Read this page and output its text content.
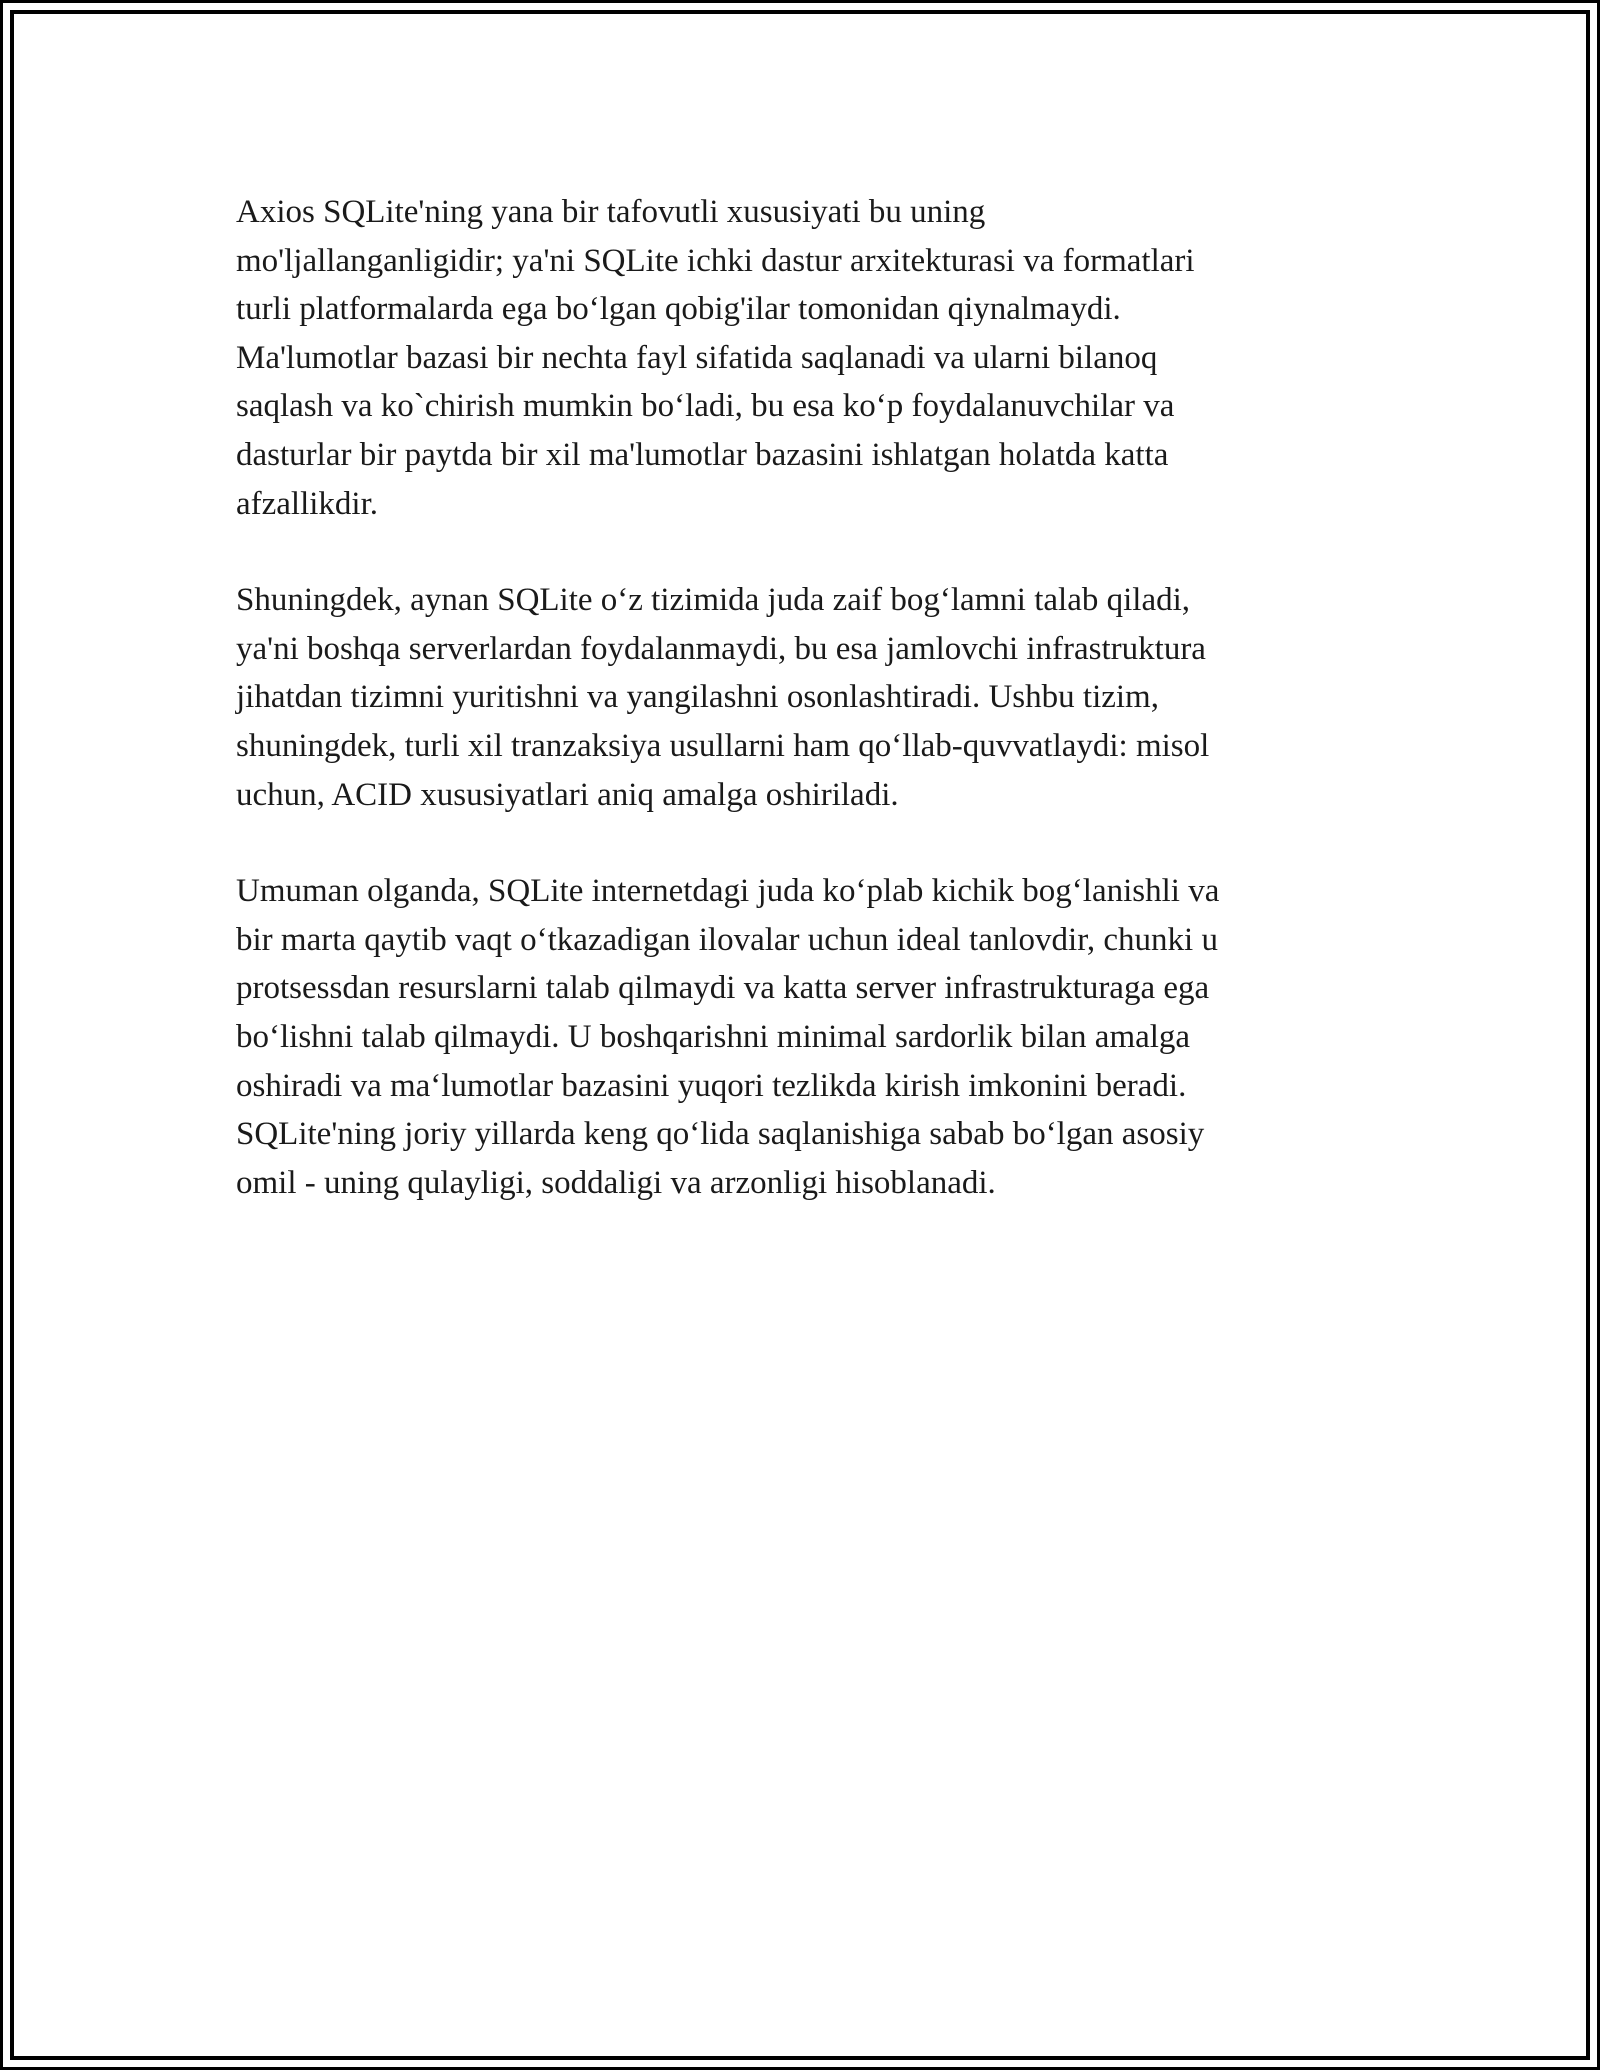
Axios SQLite'ning yana bir tafovutli xususiyati bu uning
mo'ljallanganligidir; ya'ni SQLite ichki dastur arxitekturasi va formatlari
turli platformalarda ega bo‘lgan qobig'ilar tomonidan qiynalmaydi.
Ma'lumotlar bazasi bir nechta fayl sifatida saqlanadi va ularni bilanoq
saqlash va ko`chirish mumkin bo‘ladi, bu esa ko‘p foydalanuvchilar va
dasturlar bir paytda bir xil ma'lumotlar bazasini ishlatgan holatda katta
afzallikdir.

Shuningdek, aynan SQLite o‘z tizimida juda zaif bog‘lamni talab qiladi,
ya'ni boshqa serverlardan foydalanmaydi, bu esa jamlovchi infrastruktura
jihatdan tizimni yuritishni va yangilashni osonlashtiradi. Ushbu tizim,
shuningdek, turli xil tranzaksiya usullarni ham qo‘llab-quvvatlaydi: misol
uchun, ACID xususiyatlari aniq amalga oshiriladi.

Umuman olganda, SQLite internetdagi juda ko‘plab kichik bog‘lanishli va
bir marta qaytib vaqt o‘tkazadigan ilovalar uchun ideal tanlovdir, chunki u
protsessdan resurslarni talab qilmaydi va katta server infrastrukturaga ega
bo‘lishni talab qilmaydi. U boshqarishni minimal sardorlik bilan amalga
oshiradi va ma‘lumotlar bazasini yuqori tezlikda kirish imkonini beradi.
SQLite'ning joriy yillarda keng qo‘lida saqlanishiga sabab bo‘lgan asosiy
omil - uning qulayligi, soddaligi va arzonligi hisoblanadi.
